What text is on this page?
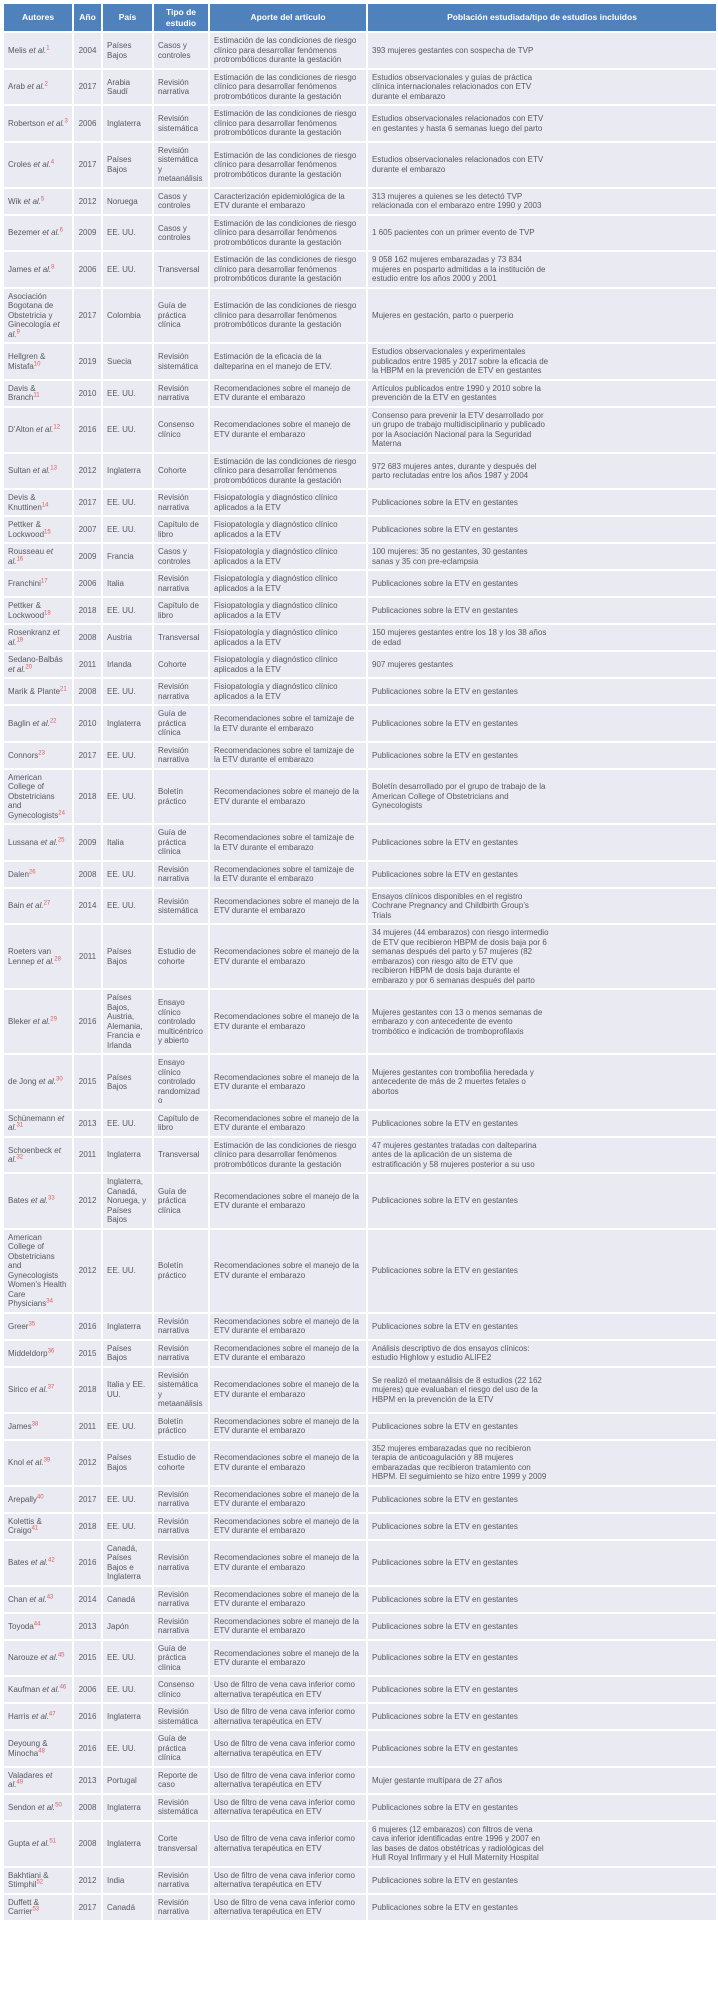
Autores	Año	País	Tipo de estudio	Aporte del artículo	Población estudiada/tipo de estudios incluidos

Melis et al.$^1$	2004	Países Bajos	Casos y controles	Estimación de las condiciones de riesgo clínico para desarrollar fenómenos protrombóticos durante la gestación	393 mujeres gestantes con sospecha de TVP

Arab et al.$^2$	2017	Arabia Saudí	Revisión narrativa	Estimación de las condiciones de riesgo clínico para desarrollar fenómenos protrombóticos durante la gestación	Estudios observacionales y guías de práctica clínica internacionales relacionados con ETV durante el embarazo

Robertson et al.$^3$	2006	Inglaterra	Revisión sistemática	Estimación de las condiciones de riesgo clínico para desarrollar fenómenos protrombóticos durante la gestación	Estudios observacionales relacionados con ETV en gestantes y hasta 6 semanas luego del parto

Croles et al.$^4$	2017	Países Bajos	Revisión sistemática y metaanálisis	Estimación de las condiciones de riesgo clínico para desarrollar fenómenos protrombóticos durante la gestación	Estudios observacionales relacionados con ETV durante el embarazo

Wik et al.$^5$	2012	Noruega	Casos y controles	Caracterización epidemiológica de la ETV durante el embarazo	313 mujeres a quienes se les detectó TVP relacionada con el embarazo entre 1990 y 2003

Bezemer et al.$^6$	2009	EE. UU.	Casos y controles	Estimación de las condiciones de riesgo clínico para desarrollar fenómenos protrombóticos durante la gestación	1 605 pacientes con un primer evento de TVP

James et al.$^8$	2006	EE. UU.	Transversal	Estimación de las condiciones de riesgo clínico para desarrollar fenómenos protrombóticos durante la gestación	9 058 162 mujeres embarazadas y 73 834 mujeres en posparto admitidas a la institución de estudio entre los años 2000 y 2001

Asociación Bogotana de Obstetricia y Ginecología et al.$^9$	2017	Colombia	Guía de práctica clínica	Estimación de las condiciones de riesgo clínico para desarrollar fenómenos protrombóticos durante la gestación	Mujeres en gestación, parto o puerperio

Hellgren & Mistafa$^{10}$	2019	Suecia	Revisión sistemática	Estimación de la eficacia de la dalteparina en el manejo de ETV.	Estudios observacionales y experimentales publicados entre 1985 y 2017 sobre la eficacia de la HBPM en la prevención de ETV en gestantes

Davis & Branch$^{11}$	2010	EE. UU.	Revisión narrativa	Recomendaciones sobre el manejo de ETV durante el embarazo	Artículos publicados entre 1990 y 2010 sobre la prevención de la ETV en gestantes

D’Alton et al.$^{12}$	2016	EE. UU.	Consenso clínico	Recomendaciones sobre el manejo de ETV durante el embarazo	Consenso para prevenir la ETV desarrollado por un grupo de trabajo multidisciplinario y publicado por la Asociación Nacional para la Seguridad Materna

Sultan et al.$^{13}$	2012	Inglaterra	Cohorte	Estimación de las condiciones de riesgo clínico para desarrollar fenómenos protrombóticos durante la gestación	972 683 mujeres antes, durante y después del parto reclutadas entre los años 1987 y 2004

Devis & Knuttinen$^{14}$	2017	EE. UU.	Revisión narrativa	Fisiopatología y diagnóstico clínico aplicados a la ETV	Publicaciones sobre la ETV en gestantes

Pettker & Lockwood$^{15}$	2007	EE. UU.	Capítulo de libro	Fisiopatología y diagnóstico clínico aplicados a la ETV	Publicaciones sobre la ETV en gestantes

Rousseau et al.$^{16}$	2009	Francia	Casos y controles	Fisiopatología y diagnóstico clínico aplicados a la ETV	100 mujeres: 35 no gestantes, 30 gestantes sanas y 35 con pre-eclampsia

Franchini$^{17}$	2006	Italia	Revisión narrativa	Fisiopatología y diagnóstico clínico aplicados a la ETV	Publicaciones sobre la ETV en gestantes

Pettker & Lockwood$^{18}$	2018	EE. UU.	Capítulo de libro	Fisiopatología y diagnóstico clínico aplicados a la ETV	Publicaciones sobre la ETV en gestantes

Rosenkranz et al.$^{19}$	2008	Austria	Transversal	Fisiopatología y diagnóstico clínico aplicados a la ETV	150 mujeres gestantes entre los 18 y los 38 años de edad

Sedano-Balbás et al.$^{20}$	2011	Irlanda	Cohorte	Fisiopatología y diagnóstico clínico aplicados a la ETV	907 mujeres gestantes

Marik & Plante$^{21}$	2008	EE. UU.	Revisión narrativa	Fisiopatología y diagnóstico clínico aplicados a la ETV	Publicaciones sobre la ETV en gestantes

Baglin et al.$^{22}$	2010	Inglaterra	Guía de práctica clínica	Recomendaciones sobre el tamizaje de la ETV durante el embarazo	Publicaciones sobre la ETV en gestantes

Connors$^{23}$	2017	EE. UU.	Revisión narrativa	Recomendaciones sobre el tamizaje de la ETV durante el embarazo	Publicaciones sobre la ETV en gestantes

American College of Obstetricians and Gynecologists$^{24}$	2018	EE. UU.	Boletín práctico	Recomendaciones sobre el manejo de la ETV durante el embarazo	Boletín desarrollado por el grupo de trabajo de la American College of Obstetricians and Gynecologists

Lussana et al.$^{25}$	2009	Italia	Guía de práctica clínica	Recomendaciones sobre el tamizaje de la ETV durante el embarazo	Publicaciones sobre la ETV en gestantes

Dalen$^{26}$	2008	EE. UU.	Revisión narrativa	Recomendaciones sobre el tamizaje de la ETV durante el embarazo	Publicaciones sobre la ETV en gestantes

Bain et al.$^{27}$	2014	EE. UU.	Revisión sistemática	Recomendaciones sobre el manejo de la ETV durante el embarazo	Ensayos clínicos disponibles en el registro Cochrane Pregnancy and Childbirth Group’s Trials

Roeters van Lennep et al.$^{28}$	2011	Países Bajos	Estudio de cohorte	Recomendaciones sobre el manejo de la ETV durante el embarazo	34 mujeres (44 embarazos) con riesgo intermedio de ETV que recibieron HBPM de dosis baja por 6 semanas después del parto y 57 mujeres (82 embarazos) con riesgo alto de ETV que recibieron HBPM de dosis baja durante el embarazo y por 6 semanas después del parto

Bleker et al.$^{29}$	2016	Países Bajos, Austria, Alemania, Francia e Irlanda	Ensayo clínico controlado multicéntrico y abierto	Recomendaciones sobre el manejo de la ETV durante el embarazo	Mujeres gestantes con 13 o menos semanas de embarazo y con antecedente de evento trombótico e indicación de tromboprofilaxis

de Jong et al.$^{30}$	2015	Países Bajos	Ensayo clínico controlado randomizado	Recomendaciones sobre el manejo de la ETV durante el embarazo	Mujeres gestantes con trombofilia heredada y antecedente de más de 2 muertes fetales o abortos

Schünemann et al.$^{31}$	2013	EE. UU.	Capítulo de libro	Recomendaciones sobre el manejo de la ETV durante el embarazo	Publicaciones sobre la ETV en gestantes

Schoenbeck et al.$^{32}$	2011	Inglaterra	Transversal	Estimación de las condiciones de riesgo clínico para desarrollar fenómenos protrombóticos durante la gestación	47 mujeres gestantes tratadas con dalteparina antes de la aplicación de un sistema de estratificación y 58 mujeres posterior a su uso

Bates et al.$^{33}$	2012	Inglaterra, Canadá, Noruega, y Países Bajos	Guía de práctica clínica	Recomendaciones sobre el manejo de la ETV durante el embarazo	Publicaciones sobre la ETV en gestantes

American College of Obstetricians and Gynecologists Women’s Health Care Physicians$^{34}$	2012	EE. UU.	Boletín práctico	Recomendaciones sobre el manejo de la ETV durante el embarazo	Publicaciones sobre la ETV en gestantes

Greer$^{35}$	2016	Inglaterra	Revisión narrativa	Recomendaciones sobre el manejo de la ETV durante el embarazo	Publicaciones sobre la ETV en gestantes

Middeldorp$^{36}$	2015	Países Bajos	Revisión narrativa	Recomendaciones sobre el manejo de la ETV durante el embarazo	Análisis descriptivo de dos ensayos clínicos: estudio Highlow y estudio ALIFE2

Sirico et al.$^{37}$	2018	Italia y EE. UU.	Revisión sistemática y metaanálisis	Recomendaciones sobre el manejo de la ETV durante el embarazo	Se realizó el metaanálisis de 8 estudios (22 162 mujeres) que evaluaban el riesgo del uso de la HBPM en la prevención de la ETV

James$^{38}$	2011	EE. UU.	Boletín práctico	Recomendaciones sobre el manejo de la ETV durante el embarazo	Publicaciones sobre la ETV en gestantes

Knol et al.$^{39}$	2012	Países Bajos	Estudio de cohorte	Recomendaciones sobre el manejo de la ETV durante el embarazo	352 mujeres embarazadas que no recibieron terapia de anticoagulación y 88 mujeres embarazadas que recibieron tratamiento con HBPM. El seguimiento se hizo entre 1999 y 2009

Arepally$^{40}$	2017	EE. UU.	Revisión narrativa	Recomendaciones sobre el manejo de la ETV durante el embarazo	Publicaciones sobre la ETV en gestantes

Kolettis & Craigo$^{41}$	2018	EE. UU.	Revisión narrativa	Recomendaciones sobre el manejo de la ETV durante el embarazo	Publicaciones sobre la ETV en gestantes

Bates et al.$^{42}$	2016	Canadá, Países Bajos e Inglaterra	Revisión narrativa	Recomendaciones sobre el manejo de la ETV durante el embarazo	Publicaciones sobre la ETV en gestantes

Chan et al.$^{43}$	2014	Canadá	Revisión narrativa	Recomendaciones sobre el manejo de la ETV durante el embarazo	Publicaciones sobre la ETV en gestantes

Toyoda$^{44}$	2013	Japón	Revisión narrativa	Recomendaciones sobre el manejo de la ETV durante el embarazo	Publicaciones sobre la ETV en gestantes

Narouze et al.$^{45}$	2015	EE. UU.	Guía de práctica clínica	Recomendaciones sobre el manejo de la ETV durante el embarazo	Publicaciones sobre la ETV en gestantes

Kaufman et al.$^{46}$	2006	EE. UU.	Consenso clínico	Uso de filtro de vena cava inferior como alternativa terapéutica en ETV	Publicaciones sobre la ETV en gestantes

Harris et al.$^{47}$	2016	Inglaterra	Revisión sistemática	Uso de filtro de vena cava inferior como alternativa terapéutica en ETV	Publicaciones sobre la ETV en gestantes

Deyoung & Minocha$^{48}$	2016	EE. UU.	Guía de práctica clínica	Uso de filtro de vena cava inferior como alternativa terapéutica en ETV	Publicaciones sobre la ETV en gestantes

Valadares et al.$^{49}$	2013	Portugal	Reporte de caso	Uso de filtro de vena cava inferior como alternativa terapéutica en ETV	Mujer gestante multípara de 27 años

Sendon et al.$^{50}$	2008	Inglaterra	Revisión sistemática	Uso de filtro de vena cava inferior como alternativa terapéutica en ETV	Publicaciones sobre la ETV en gestantes

Gupta et al.$^{51}$	2008	Inglaterra	Corte transversal	Uso de filtro de vena cava inferior como alternativa terapéutica en ETV	6 mujeres (12 embarazos) con filtros de vena cava inferior identificadas entre 1996 y 2007 en las bases de datos obstétricas y radiológicas del Hull Royal Infirmary y el Hull Maternity Hospital

Bakhtiani & Stimphil$^{52}$	2012	India	Revisión narrativa	Uso de filtro de vena cava inferior como alternativa terapéutica en ETV	Publicaciones sobre la ETV en gestantes

Duffett & Carrier$^{53}$	2017	Canadá	Revisión narrativa	Uso de filtro de vena cava inferior como alternativa terapéutica en ETV	Publicaciones sobre la ETV en gestantes
